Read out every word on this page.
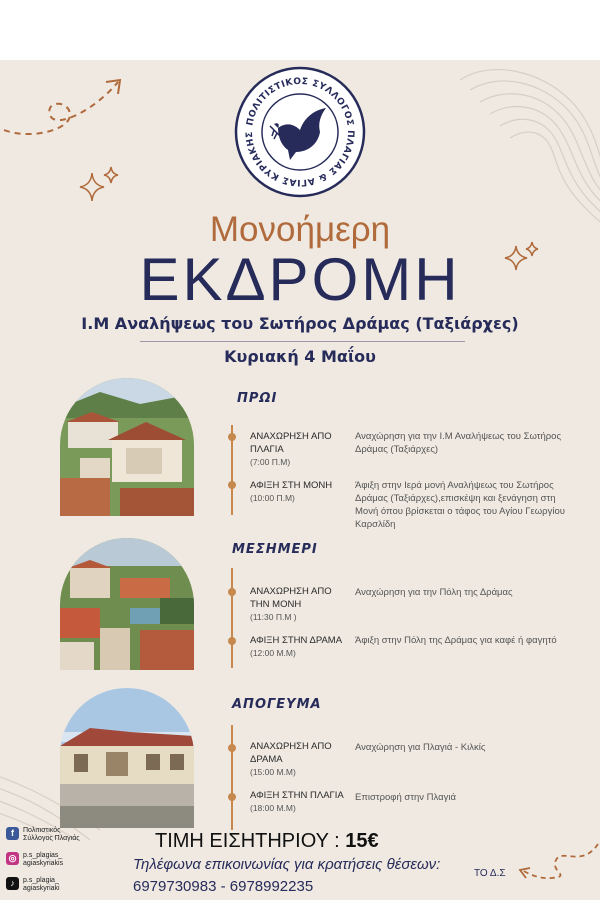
ΠΟΛΙΤΙΣΤΙΚΟΣ ΣΥΛΛΟΓΟΣ ΠΛΑΓΙΑΣ & ΑΓΙΑΣ ΚΥΡΙΑΚΗΣ
Μονοήμερη
ΕΚΔΡΟΜΗ
Ι.Μ Αναλήψεως του Σωτήρος Δράμας (Ταξιάρχες)
Κυριακή 4 Μαΐου
ΠΡΩΙ
ΑΝΑΧΩΡΗΣΗ ΑΠΟ ΠΛΑΓΙΑ
(7:00 Π.Μ)
Αναχώρηση για την Ι.Μ Αναλήψεως του Σωτήρος Δράμας (Ταξιάρχες)
ΑΦΙΞΗ ΣΤΗ ΜΟΝΗ
(10:00 Π.Μ)
Άφιξη στην Ιερά μονή Αναλήψεως του Σωτήρος Δράμας (Ταξιάρχες),επισκέψη και ξενάγηση στη Μονή όπου βρίσκεται ο τάφος του Αγίου Γεωργίου Καρσλίδη
ΜΕΣΗΜΕΡΙ
ΑΝΑΧΩΡΗΣΗ ΑΠΟ ΤΗΝ ΜΟΝΗ
(11:30 Π.Μ )
Αναχώρηση για την Πόλη της Δράμας
ΑΦΙΞΗ ΣΤΗΝ ΔΡΑΜΑ
(12:00 Μ.Μ)
Άφιξη στην Πόλη της Δράμας για καφέ ή φαγητό
ΑΠΟΓΕΥΜΑ
ΑΝΑΧΩΡΗΣΗ ΑΠΟ ΔΡΑΜΑ
(15:00 Μ.Μ)
Αναχώρηση για Πλαγιά - Κιλκίς
ΑΦΙΞΗ ΣΤΗΝ ΠΛΑΓΙΑ
(18:00 Μ.Μ)
Επιστροφή στην Πλαγιά
f	Πολιτιστικός
Σύλλογος Πλαγιάς
◎ p.s_plagias_
agiaskyriakis
♪	p.s_plagia_
agiaskyriaki
ΤΙΜΗ ΕΙΣΗΤΗΡΙΟΥ : 15€
Τηλέφωνα επικοινωνίας για κρατήσεις θέσεων:
6979730983 - 6978992235
ΤΟ Δ.Σ
